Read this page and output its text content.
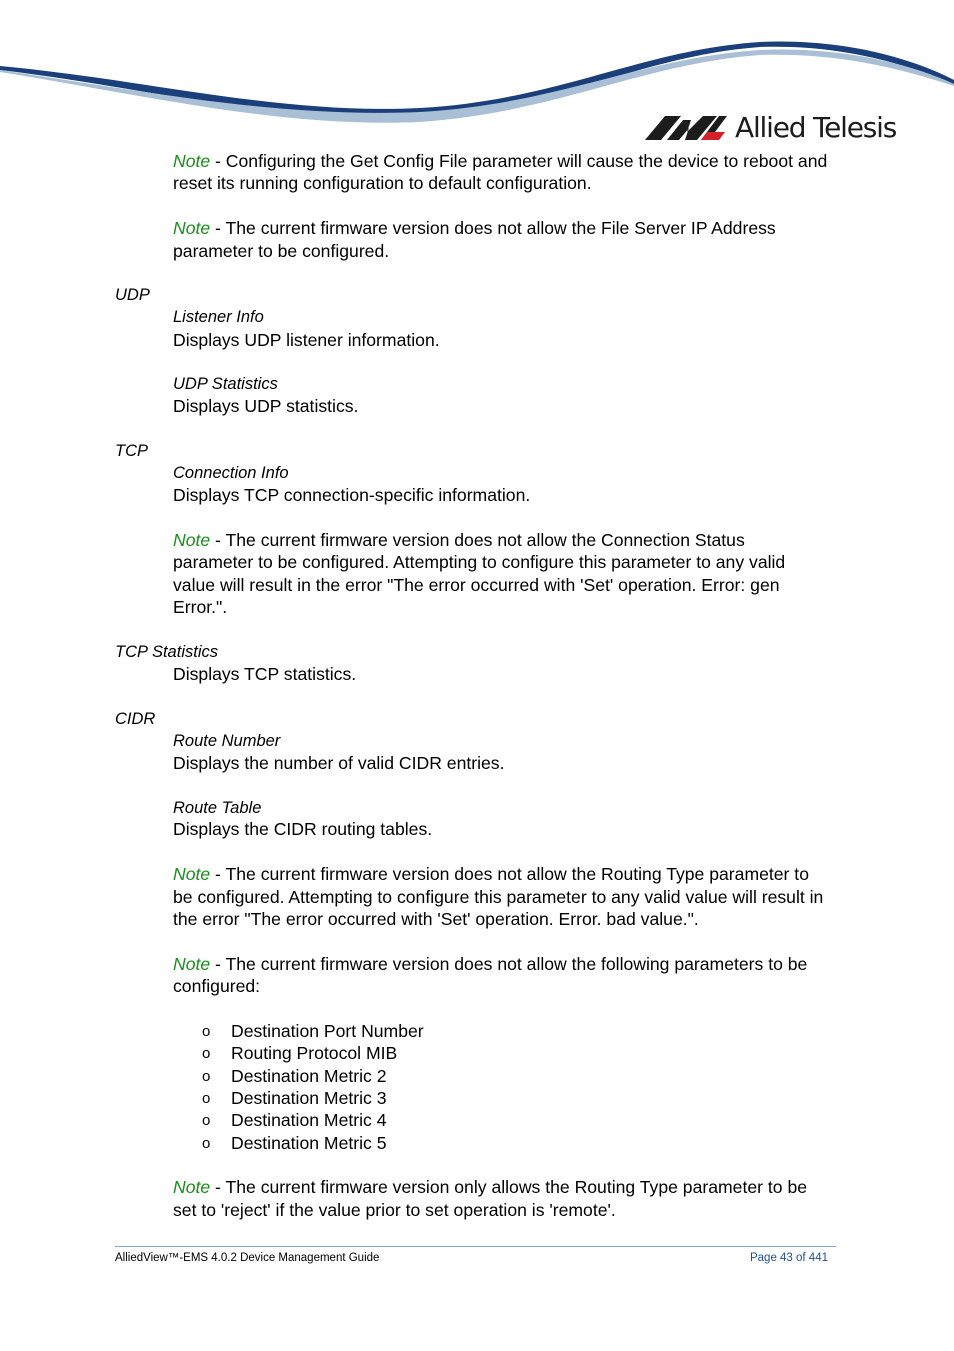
Allied Telesis
Note - Configuring the Get Config File parameter will cause the device to reboot and
reset its running configuration to default configuration.
Note - The current firmware version does not allow the File Server IP Address
parameter to be configured.
UDP
Listener Info
Displays UDP listener information.
UDP Statistics
Displays UDP statistics.
TCP
Connection Info
Displays TCP connection-specific information.
Note - The current firmware version does not allow the Connection Status
parameter to be configured. Attempting to configure this parameter to any valid
value will result in the error "The error occurred with 'Set' operation. Error: gen
Error.".
TCP Statistics
Displays TCP statistics.
CIDR
Route Number
Displays the number of valid CIDR entries.
Route Table
Displays the CIDR routing tables.
Note - The current firmware version does not allow the Routing Type parameter to
be configured. Attempting to configure this parameter to any valid value will result in
the error "The error occurred with 'Set' operation. Error. bad value.".
Note - The current firmware version does not allow the following parameters to be
configured:
o Destination Port Number
o Routing Protocol MIB
o Destination Metric 2
o Destination Metric 3
o Destination Metric 4
o Destination Metric 5
Note - The current firmware version only allows the Routing Type parameter to be
set to 'reject' if the value prior to set operation is 'remote'.
AlliedView™-EMS 4.0.2 Device Management Guide	Page 43 of 441
